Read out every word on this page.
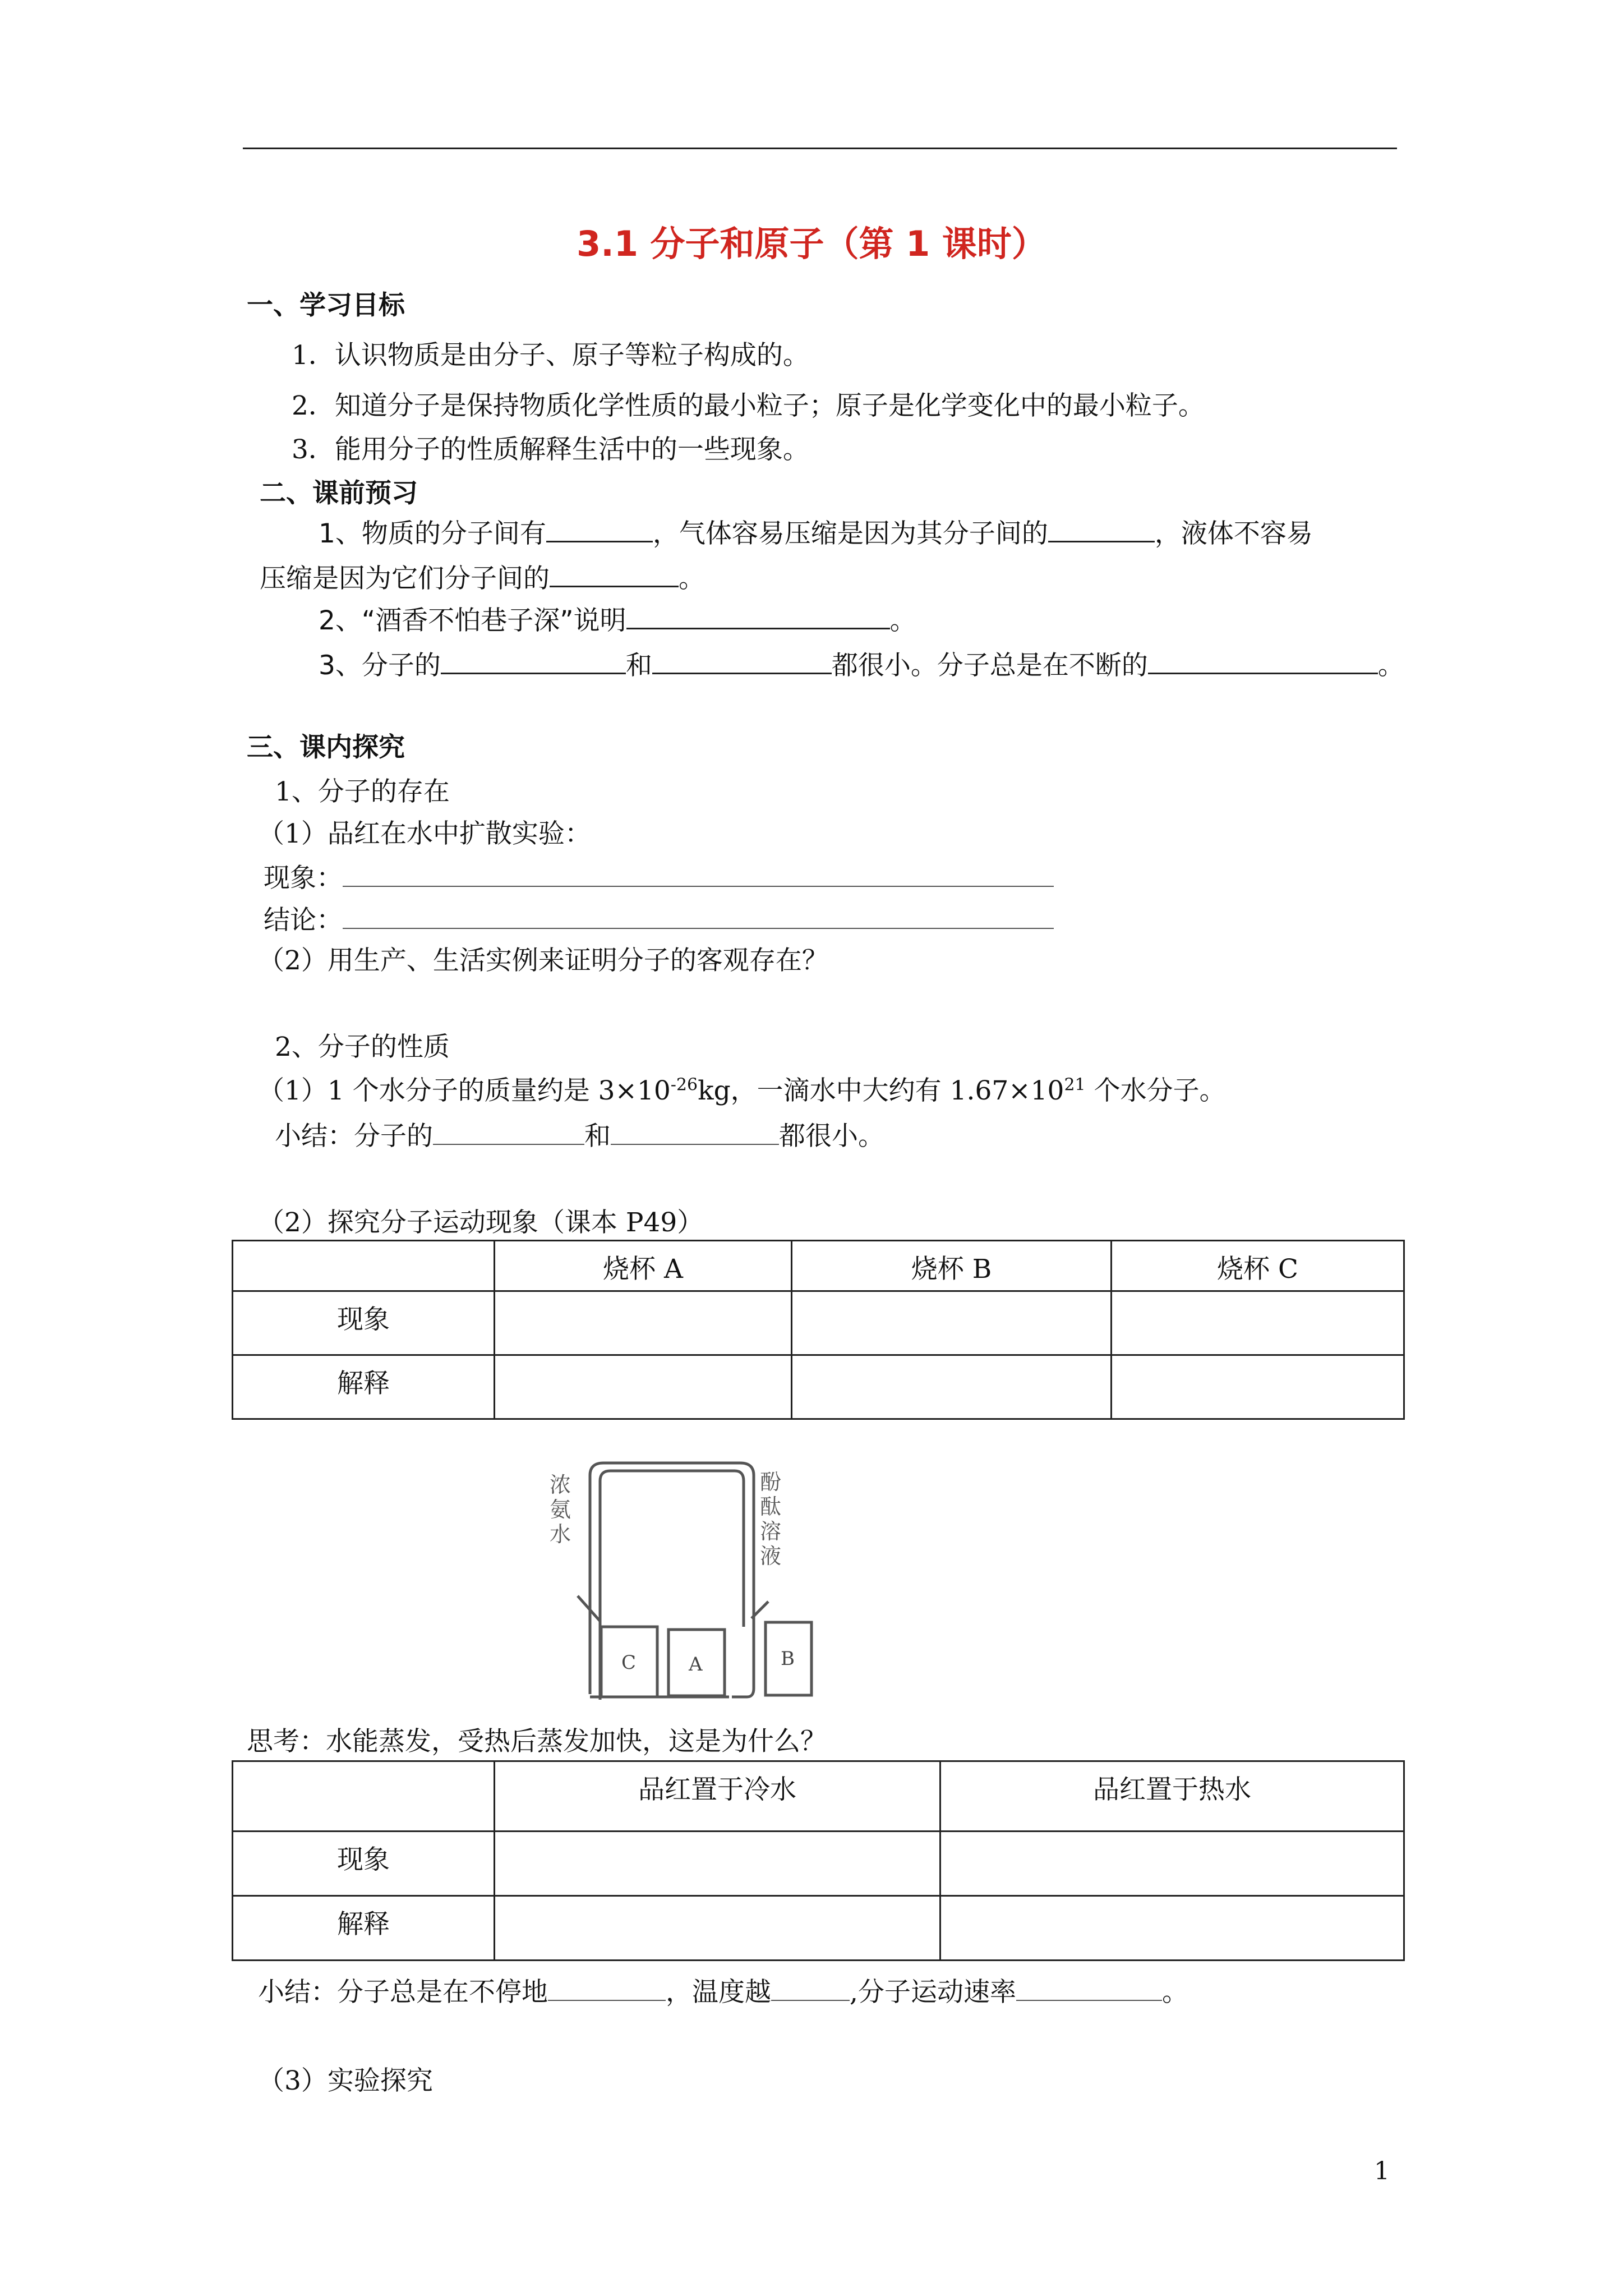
3.1 分子和原子（第 1 课时）
一、学习目标
1．认识物质是由分子、原子等粒子构成的。
2．知道分子是保持物质化学性质的最小粒子；原子是化学变化中的最小粒子。
3．能用分子的性质解释生活中的一些现象。
二、课前预习
1、物质的分子间有	，气体容易压缩是因为其分子间的	，液体不容易
压缩是因为它们分子间的	。
2、“酒香不怕巷子深”说明	。
3、分子的	和	都很小。分子总是在不断的	。
三、课内探究
1、分子的存在
（1）品红在水中扩散实验：
现象：
结论：
（2）用生产、生活实例来证明分子的客观存在？
2、分子的性质
（1）1 个水分子的质量约是 $3\times 10^{-26}kg$，一滴水中大约有 $1.67\times 10^{21}$ 个水分子。
小结：分子的	和	都很小。
（2）探究分子运动现象（课本 P49）
	烧杯 A	烧杯 B	烧杯 C
现象			
解释			
C	A	B
浓氨水
酚酞溶液
思考：水能蒸发，受热后蒸发加快，这是为什么？
	品红置于冷水	品红置于热水
现象		
解释		
小结：分子总是在不停地	，温度越	,分子运动速率	。
（3）实验探究
1
